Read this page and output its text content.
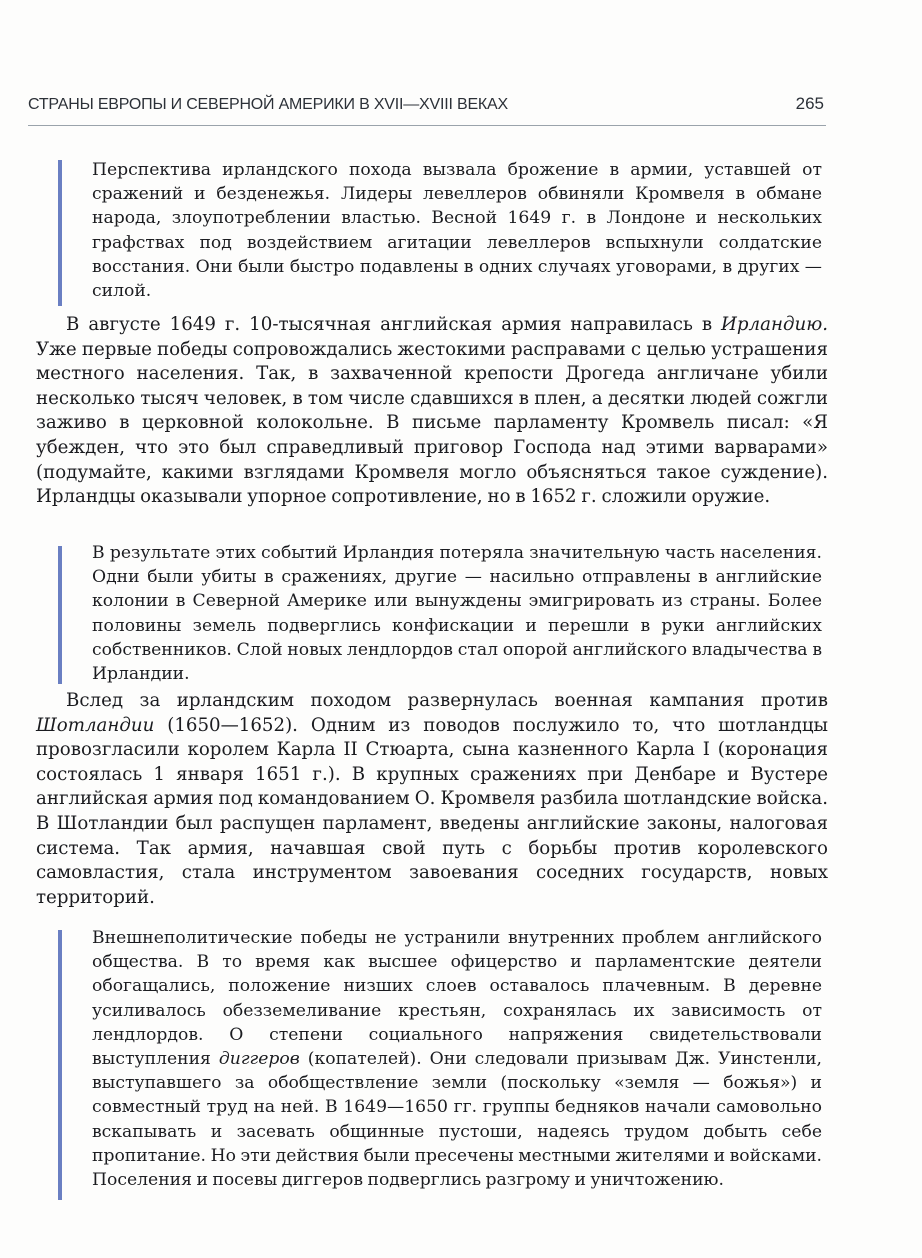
СТРАНЫ ЕВРОПЫ И СЕВЕРНОЙ АМЕРИКИ В XVII—XVIII ВЕКАХ	265
Перспектива ирландского похода вызвала брожение в армии, уставшей от сражений и безденежья. Лидеры левеллеров обвиняли Кромвеля в обмане народа, злоупотреблении властью. Весной 1649 г. в Лондоне и нескольких графствах под воздействием агитации левеллеров вспыхнули солдатские восстания. Они были быстро подавлены в одних случаях уговорами, в других — силой.
В августе 1649 г. 10-тысячная английская армия направилась в Ирландию. Уже первые победы сопровождались жестокими расправами с целью устрашения местного населения. Так, в захваченной крепости Дрогеда англичане убили несколько тысяч человек, в том числе сдавшихся в плен, а десятки людей сожгли заживо в церковной колокольне. В письме парламенту Кромвель писал: «Я убежден, что это был справедливый приговор Господа над этими варварами» (подумайте, какими взглядами Кромвеля могло объясняться такое суждение). Ирландцы оказывали упорное сопротивление, но в 1652 г. сложили оружие.
В результате этих событий Ирландия потеряла значительную часть населения. Одни были убиты в сражениях, другие — насильно отправлены в английские колонии в Северной Америке или вынуждены эмигрировать из страны. Более половины земель подверглись конфискации и перешли в руки английских собственников. Слой новых лендлордов стал опорой английского владычества в Ирландии.
Вслед за ирландским походом развернулась военная кампания против Шотландии (1650—1652). Одним из поводов послужило то, что шотландцы провозгласили королем Карла II Стюарта, сына казненного Карла I (коронация состоялась 1 января 1651 г.). В крупных сражениях при Денбаре и Вустере английская армия под командованием О. Кромвеля разбила шотландские войска. В Шотландии был распущен парламент, введены английские законы, налоговая система. Так армия, начавшая свой путь с борьбы против королевского самовластия, стала инструментом завоевания соседних государств, новых территорий.
Внешнеполитические победы не устранили внутренних проблем английского общества. В то время как высшее офицерство и парламентские деятели обогащались, положение низших слоев оставалось плачевным. В деревне усиливалось обезземеливание крестьян, сохранялась их зависимость от лендлордов. О степени социального напряжения свидетельствовали выступления диггеров (копателей). Они следовали призывам Дж. Уинстенли, выступавшего за обобществление земли (поскольку «земля — божья») и совместный труд на ней. В 1649—1650 гг. группы бедняков начали самовольно вскапывать и засевать общинные пустоши, надеясь трудом добыть себе пропитание. Но эти действия были пресечены местными жителями и войсками. Поселения и посевы диггеров подверглись разгрому и уничтожению.
